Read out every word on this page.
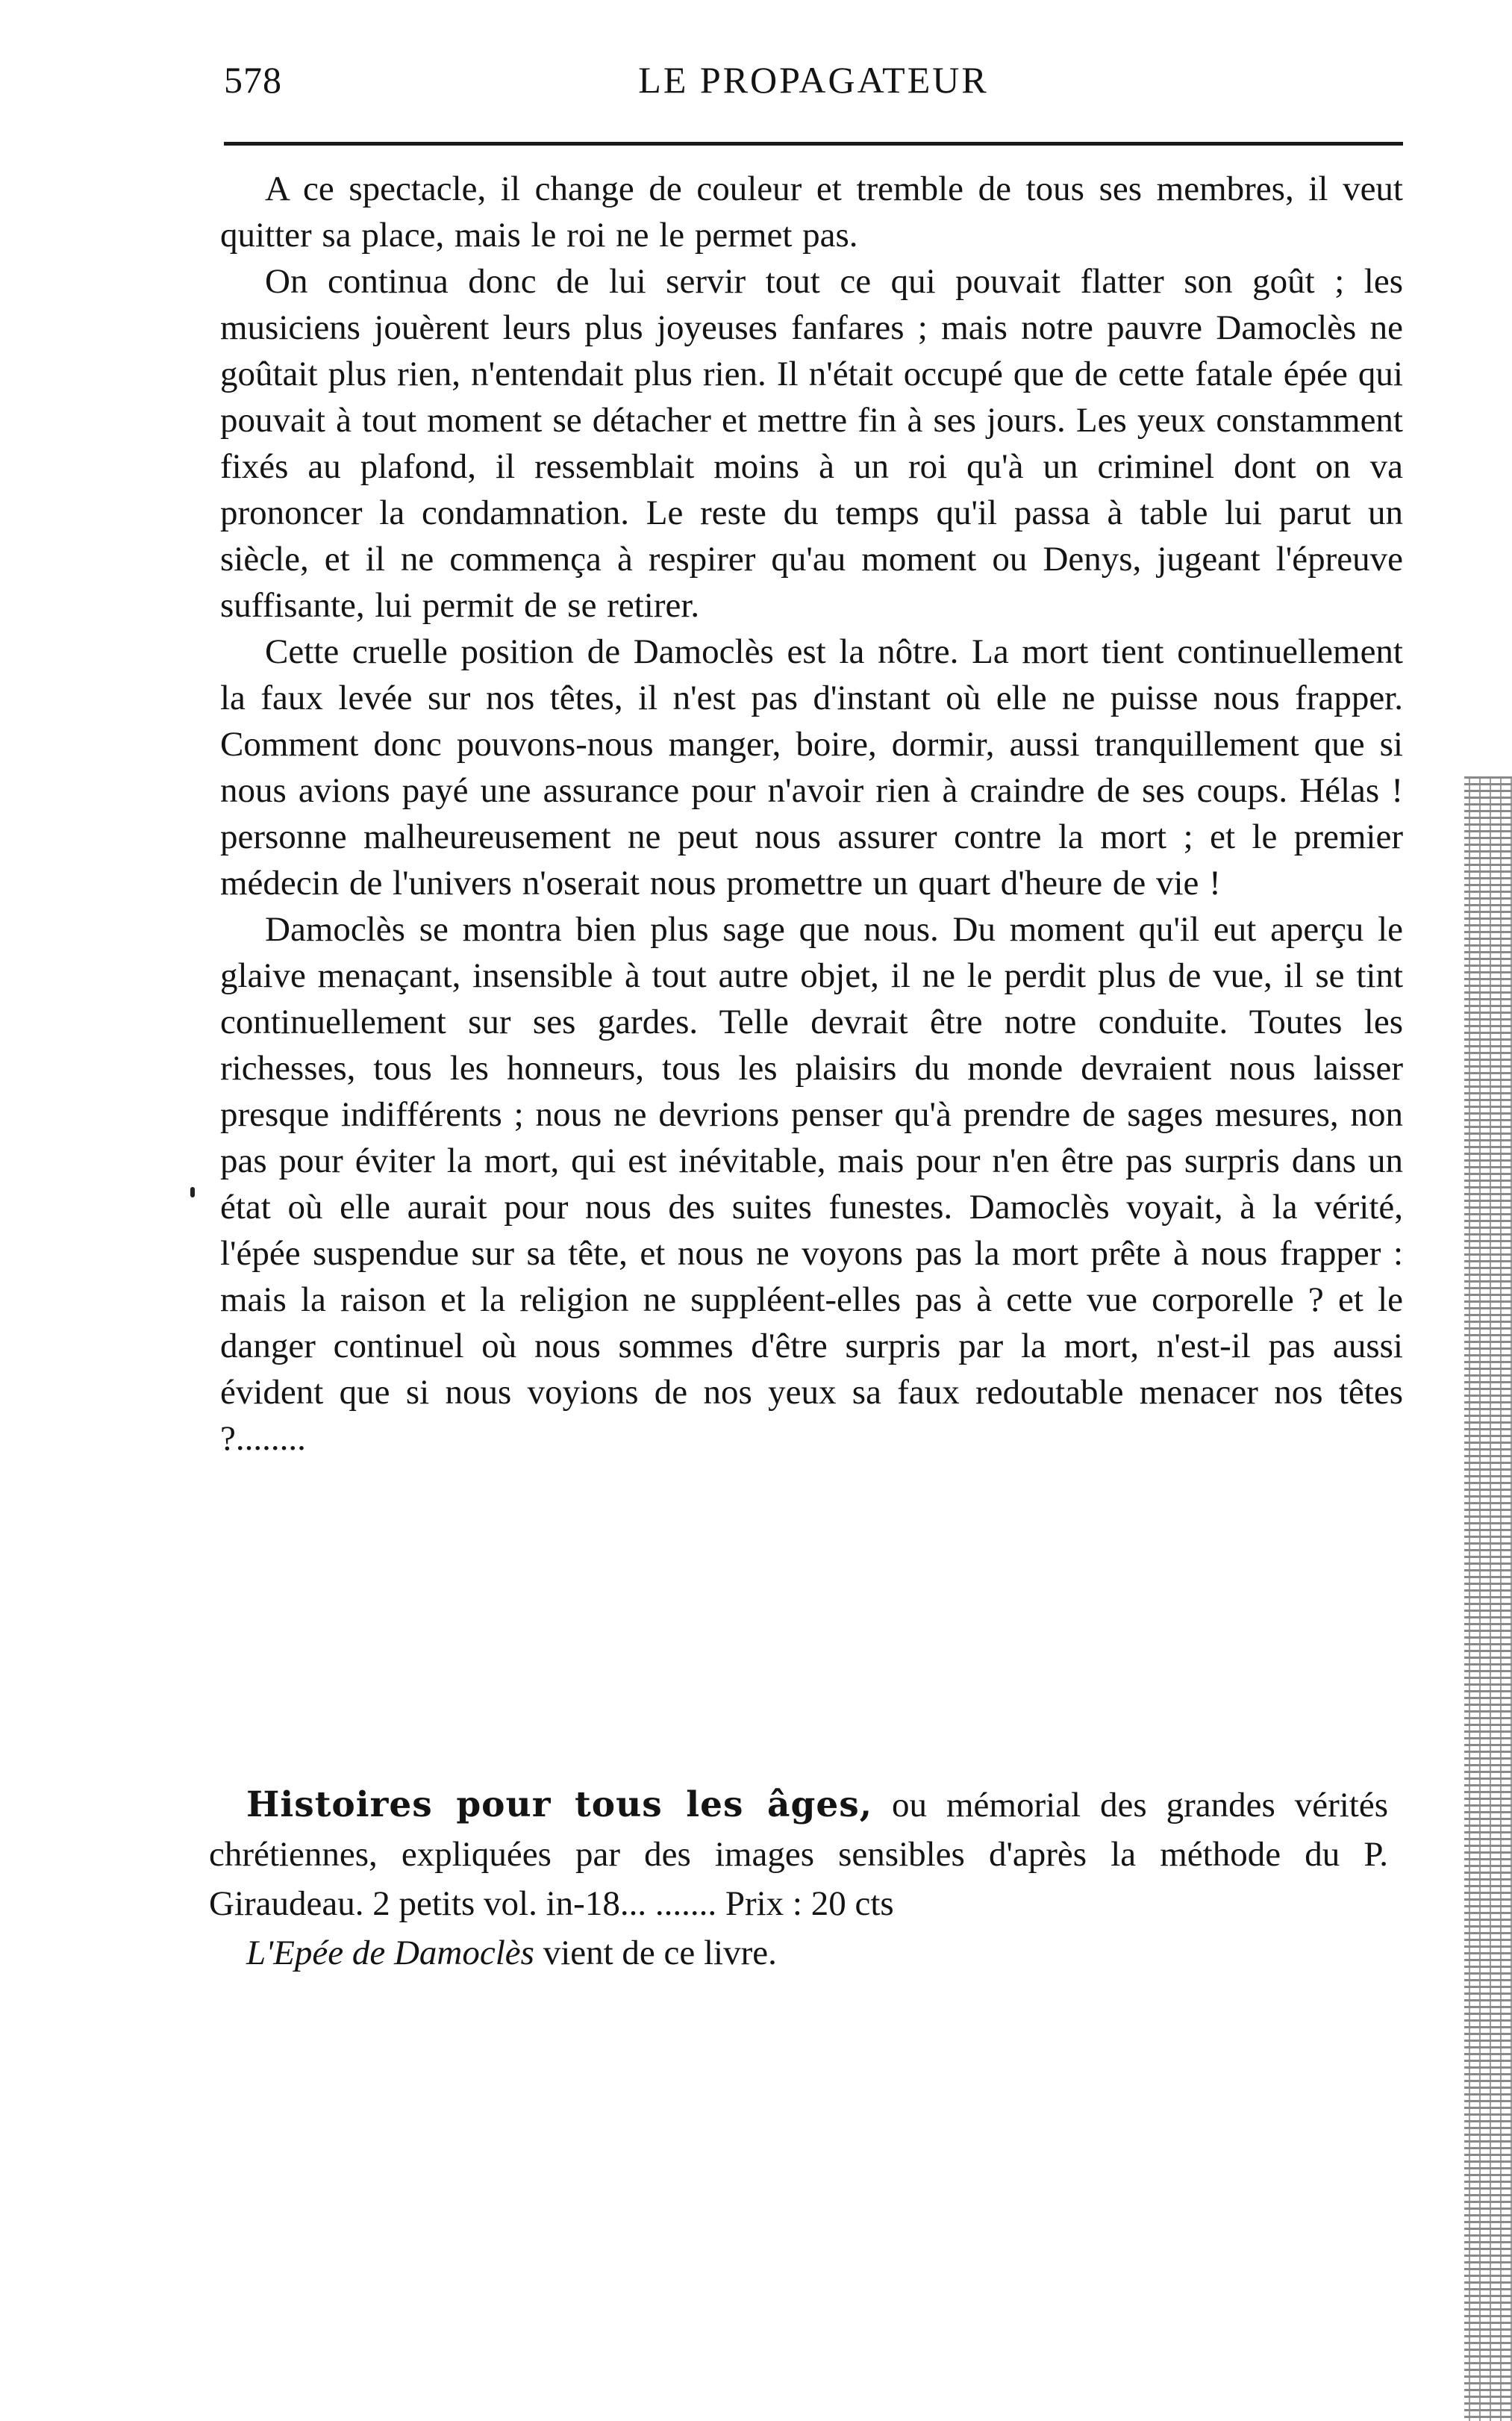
578	LE PROPAGATEUR

A ce spectacle, il change de couleur et tremble de tous ses membres, il veut quitter sa place, mais le roi ne le permet pas.

On continua donc de lui servir tout ce qui pouvait flatter son goût ; les musiciens jouèrent leurs plus joyeuses fanfares ; mais notre pauvre Damoclès ne goûtait plus rien, n'entendait plus rien. Il n'était occupé que de cette fatale épée qui pouvait à tout moment se détacher et mettre fin à ses jours. Les yeux constamment fixés au plafond, il ressemblait moins à un roi qu'à un criminel dont on va prononcer la condamnation. Le reste du temps qu'il passa à table lui parut un siècle, et il ne commença à respirer qu'au moment ou Denys, jugeant l'épreuve suffisante, lui permit de se retirer.

Cette cruelle position de Damoclès est la nôtre. La mort tient continuellement la faux levée sur nos têtes, il n'est pas d'instant où elle ne puisse nous frapper. Comment donc pouvons-nous manger, boire, dormir, aussi tranquillement que si nous avions payé une assurance pour n'avoir rien à craindre de ses coups. Hélas ! personne malheureusement ne peut nous assurer contre la mort ; et le premier médecin de l'univers n'oserait nous promettre un quart d'heure de vie !

Damoclès se montra bien plus sage que nous. Du moment qu'il eut aperçu le glaive menaçant, insensible à tout autre objet, il ne le perdit plus de vue, il se tint continuellement sur ses gardes. Telle devrait être notre conduite. Toutes les richesses, tous les honneurs, tous les plaisirs du monde devraient nous laisser presque indifférents ; nous ne devrions penser qu'à prendre de sages mesures, non pas pour éviter la mort, qui est inévitable, mais pour n'en être pas surpris dans un état où elle aurait pour nous des suites funestes. Damoclès voyait, à la vérité, l'épée suspendue sur sa tête, et nous ne voyons pas la mort prête à nous frapper : mais la raison et la religion ne suppléent-elles pas à cette vue corporelle ? et le danger continuel où nous sommes d'être surpris par la mort, n'est-il pas aussi évident que si nous voyions de nos yeux sa faux redoutable menacer nos têtes ?........

Histoires pour tous les âges, ou mémorial des grandes vérités chrétiennes, expliquées par des images sensibles d'après la méthode du P. Giraudeau. 2 petits vol. in-18... ....... Prix : 20 cts

L'Epée de Damoclès vient de ce livre.
